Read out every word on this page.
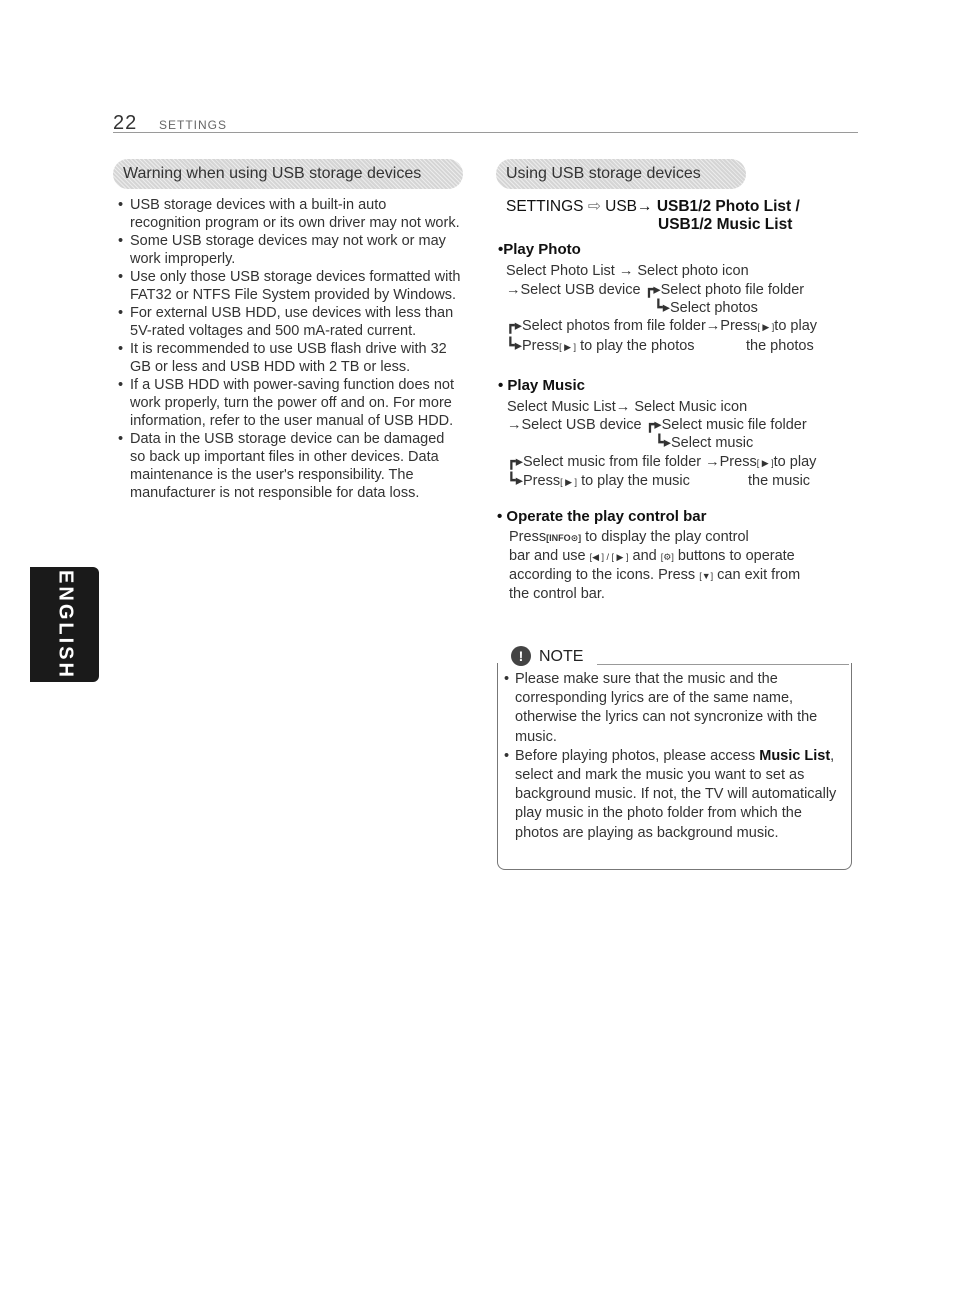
22 SETTINGS
ENGLISH
Warning when using USB storage devices
• USB storage devices with a built-in auto recognition program or its own driver may not work.
• Some USB storage devices may not work or may work improperly.
• Use only those USB storage devices formatted with FAT32 or NTFS File System provided by Windows.
• For external USB HDD, use devices with less than 5V-rated voltages and 500 mA-rated current.
• It is recommended to use USB flash drive with 32 GB or less and USB HDD with 2 TB or less.
• If a USB HDD with power-saving function does not work properly, turn the power off and on. For more information, refer to the user manual of USB HDD.
• Data in the USB storage device can be damaged so back up important files in other devices. Data maintenance is the user's responsibility. The manufacturer is not responsible for data loss.
Using USB storage devices
SETTINGS ⇨ USB→ USB1/2 Photo List /
USB1/2 Music List
•Play Photo
Select Photo List → Select photo icon
→Select USB device ┏▸Select photo file folder
┗▸Select photos
┏▸Select photos from file folder→Press[ ▶ ]to play
┗▸Press[ ▶ ] to play the photos	the photos
• Play Music
Select Music List→ Select Music icon
→Select USB device ┏▸Select music file folder
┗▸Select music
┏▸Select music from file folder →Press[ ▶ ]to play
┗▸Press[ ▶ ] to play the music	the music
• Operate the play control bar
Press[INFO⊙] to display the play control
bar and use [◀ ] / [ ▶ ] and [⚙] buttons to operate
according to the icons. Press [▼] can exit from
the control bar.
! NOTE
• Please make sure that the music and the corresponding lyrics are of the same name, otherwise the lyrics can not syncronize with the music.
• Before playing photos, please access Music List, select and mark the music you want to set as background music. If not, the TV will automatically play music in the photo folder from which the photos are playing as background music.
